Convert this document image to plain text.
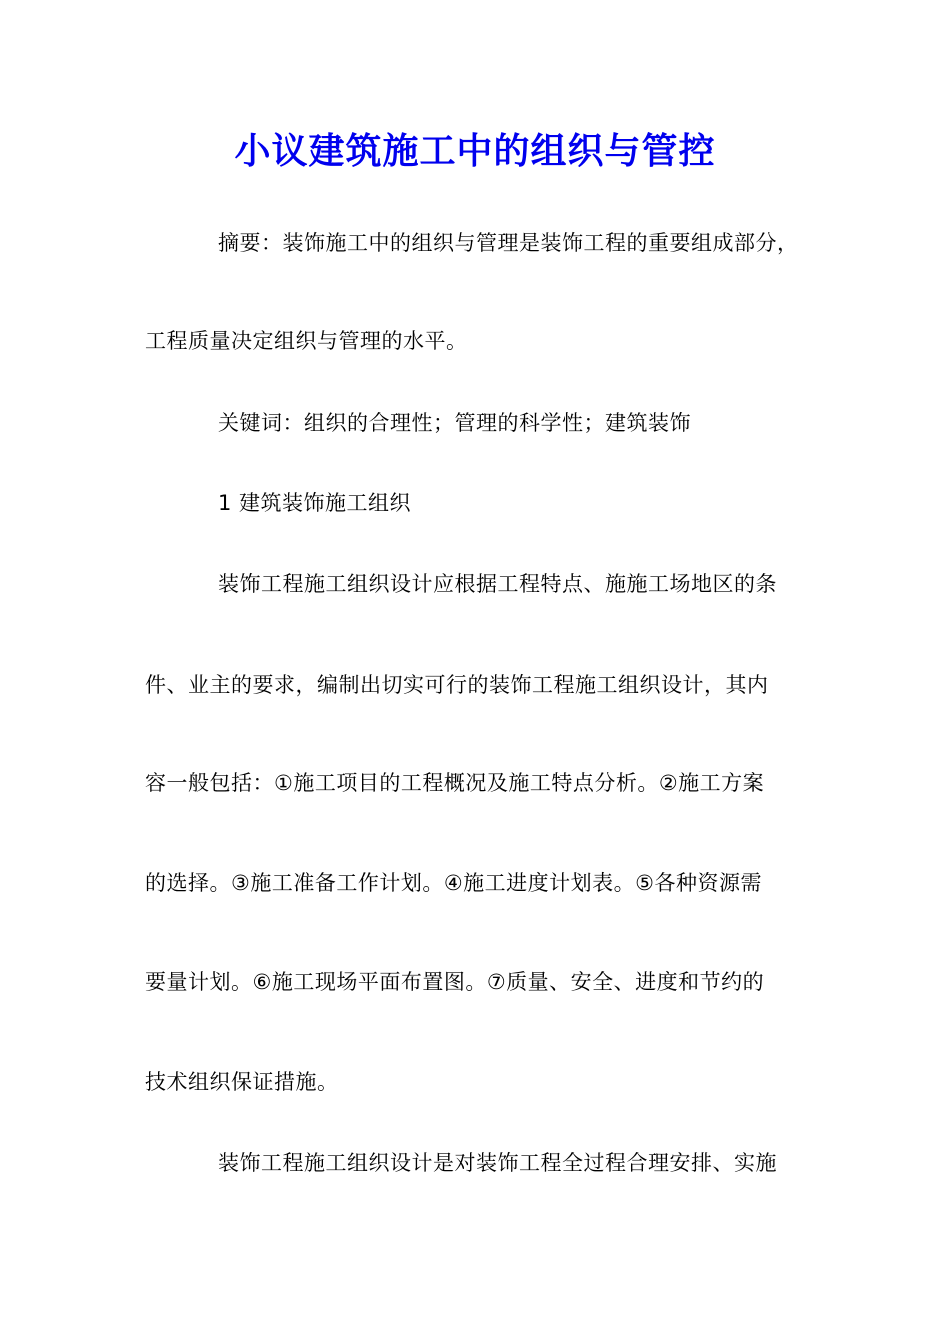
小议建筑施工中的组织与管控
摘要：装饰施工中的组织与管理是装饰工程的重要组成部分，
工程质量决定组织与管理的水平。
关键词：组织的合理性；管理的科学性；建筑装饰
1 建筑装饰施工组织
装饰工程施工组织设计应根据工程特点、施施工场地区的条
件、业主的要求，编制出切实可行的装饰工程施工组织设计，其内
容一般包括：①施工项目的工程概况及施工特点分析。②施工方案
的选择。③施工准备工作计划。④施工进度计划表。⑤各种资源需
要量计划。⑥施工现场平面布置图。⑦质量、安全、进度和节约的
技术组织保证措施。
装饰工程施工组织设计是对装饰工程全过程合理安排、实施
